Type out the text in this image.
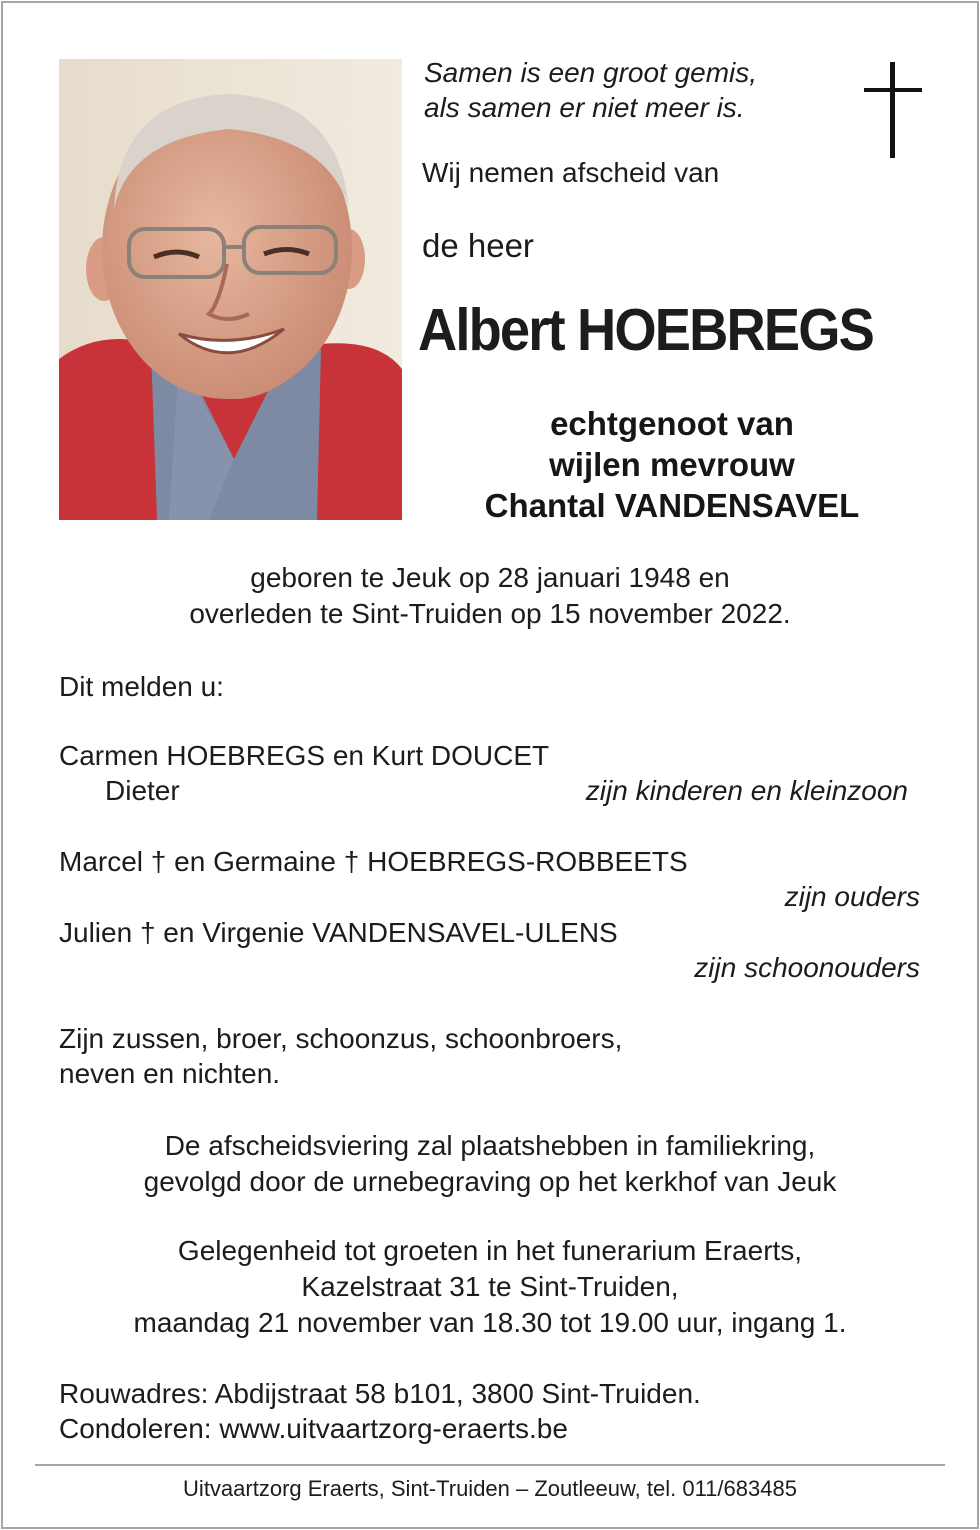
Samen is een groot gemis,
als samen er niet meer is.
Wij nemen afscheid van
de heer
Albert HOEBREGS
echtgenoot van
wijlen mevrouw
Chantal VANDENSAVEL
geboren te Jeuk op 28 januari 1948 en
overleden te Sint-Truiden op 15 november 2022.
Dit melden u:
Carmen HOEBREGS en Kurt DOUCET
Dieter	zijn kinderen en kleinzoon
Marcel † en Germaine † HOEBREGS-ROBBEETS
zijn ouders
Julien † en Virgenie VANDENSAVEL-ULENS
zijn schoonouders
Zijn zussen, broer, schoonzus, schoonbroers,
neven en nichten.
De afscheidsviering zal plaatshebben in familiekring,
gevolgd door de urnebegraving op het kerkhof van Jeuk
Gelegenheid tot groeten in het funerarium Eraerts,
Kazelstraat 31 te Sint-Truiden,
maandag 21 november van 18.30 tot 19.00 uur, ingang 1.
Rouwadres: Abdijstraat 58 b101, 3800 Sint-Truiden.
Condoleren: www.uitvaartzorg-eraerts.be
Uitvaartzorg Eraerts, Sint-Truiden – Zoutleeuw, tel. 011/683485
